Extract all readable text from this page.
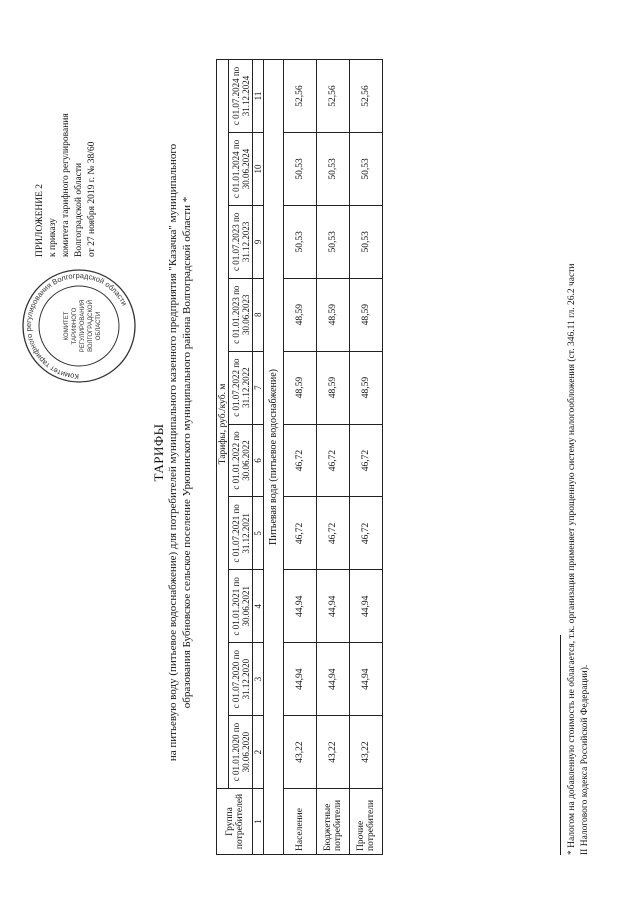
ПРИЛОЖЕНИЕ 2 к приказу комитета тарифного регулирования Волгоградской области от 27 ноября 2019 г. № 38/60
Комитет тарифного регулирования Волгоградской области
КОМИТЕТ ТАРИФНОГО РЕГУЛИРОВАНИЯ ВОЛГОГРАДСКОЙ ОБЛАСТИ
ТАРИФЫ на питьевую воду (питьевое водоснабжение) для потребителей муниципального казенного предприятия "Казачка" муниципального образования Бубновское сельское поселение Урюпинского муниципального района Волгоградской области *
Группа потребителей	Тарифы, руб./куб. м									
	с 01.01.2020 по 30.06.2020	с 01.07.2020 по 31.12.2020	с 01.01.2021 по 30.06.2021	с 01.07.2021 по 31.12.2021	с 01.01.2022 по 30.06.2022	с 01.07.2022 по 31.12.2022	с 01.01.2023 по 30.06.2023	с 01.07.2023 по 31.12.2023	с 01.01.2024 по 30.06.2024	с 01.07.2024 по 31.12.2024
1	2	3	4	5	6	7	8	9	10	11
Питьевая вода (питьевое водоснабжение)										
Население	43,22	44,94	44,94	46,72	46,72	48,59	48,59	50,53	50,53	52,56
Бюджетные потребители	43,22	44,94	44,94	46,72	46,72	48,59	48,59	50,53	50,53	52,56
Прочие потребители	43,22	44,94	44,94	46,72	46,72	48,59	48,59	50,53	50,53	52,56
* Налогом на добавленную стоимость не облагается, т.к. организация применяет упрощенную систему налогообложения (ст. 346.11 гл. 26.2 части II Налогового кодекса Российской Федерации).
